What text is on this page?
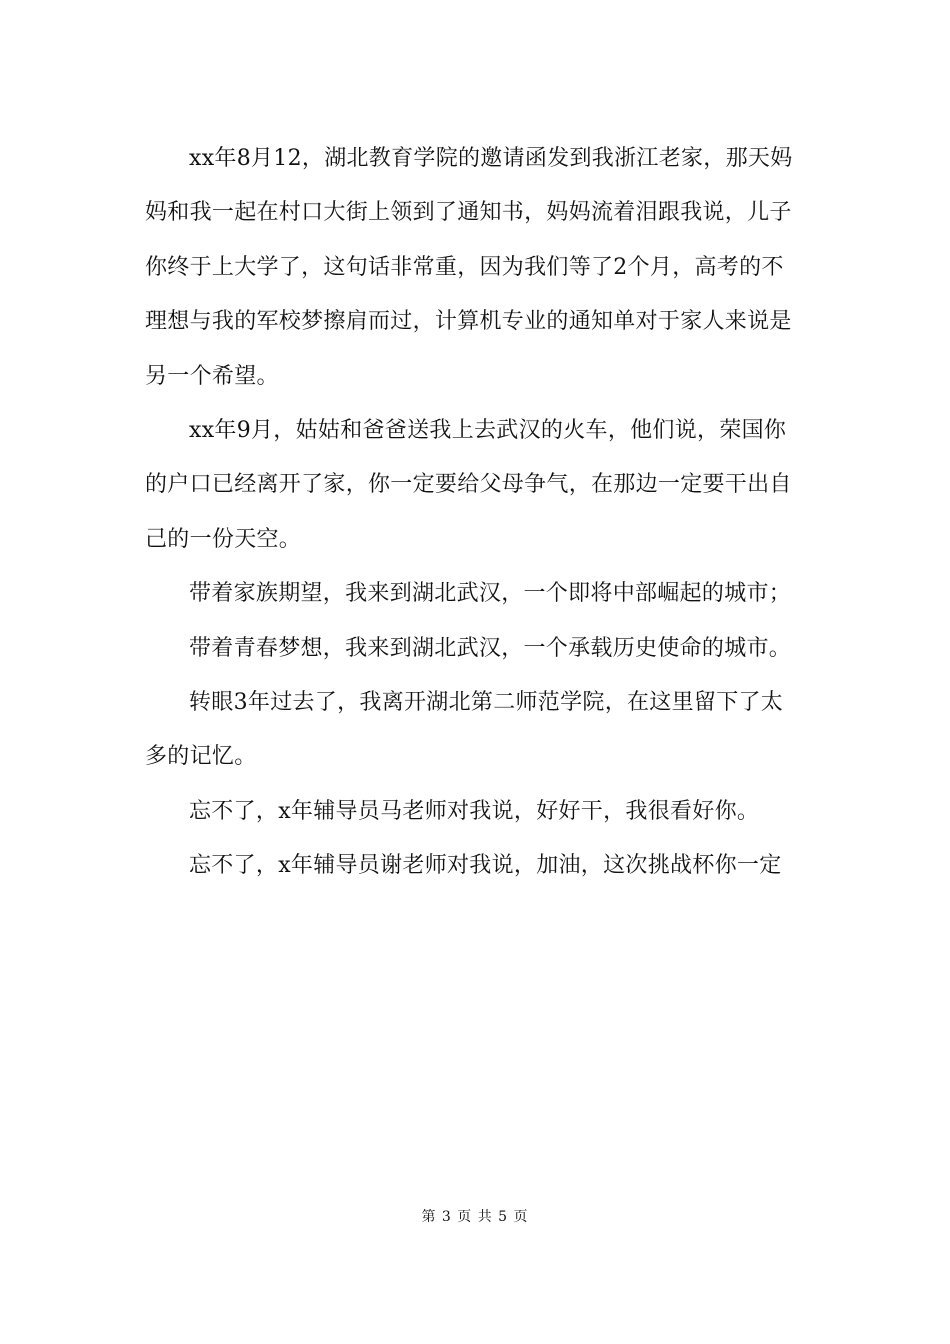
xx年8月12，湖北教育学院的邀请函发到我浙江老家，那天妈
妈和我一起在村口大街上领到了通知书，妈妈流着泪跟我说，儿子
你终于上大学了，这句话非常重，因为我们等了2个月，高考的不
理想与我的军校梦擦肩而过，计算机专业的通知单对于家人来说是
另一个希望。
xx年9月，姑姑和爸爸送我上去武汉的火车，他们说，荣国你
的户口已经离开了家，你一定要给父母争气，在那边一定要干出自
己的一份天空。
带着家族期望，我来到湖北武汉，一个即将中部崛起的城市；
带着青春梦想，我来到湖北武汉，一个承载历史使命的城市。
转眼3年过去了，我离开湖北第二师范学院，在这里留下了太
多的记忆。
忘不了，x年辅导员马老师对我说，好好干，我很看好你。
忘不了，x年辅导员谢老师对我说，加油，这次挑战杯你一定
第 3 页 共 5 页
